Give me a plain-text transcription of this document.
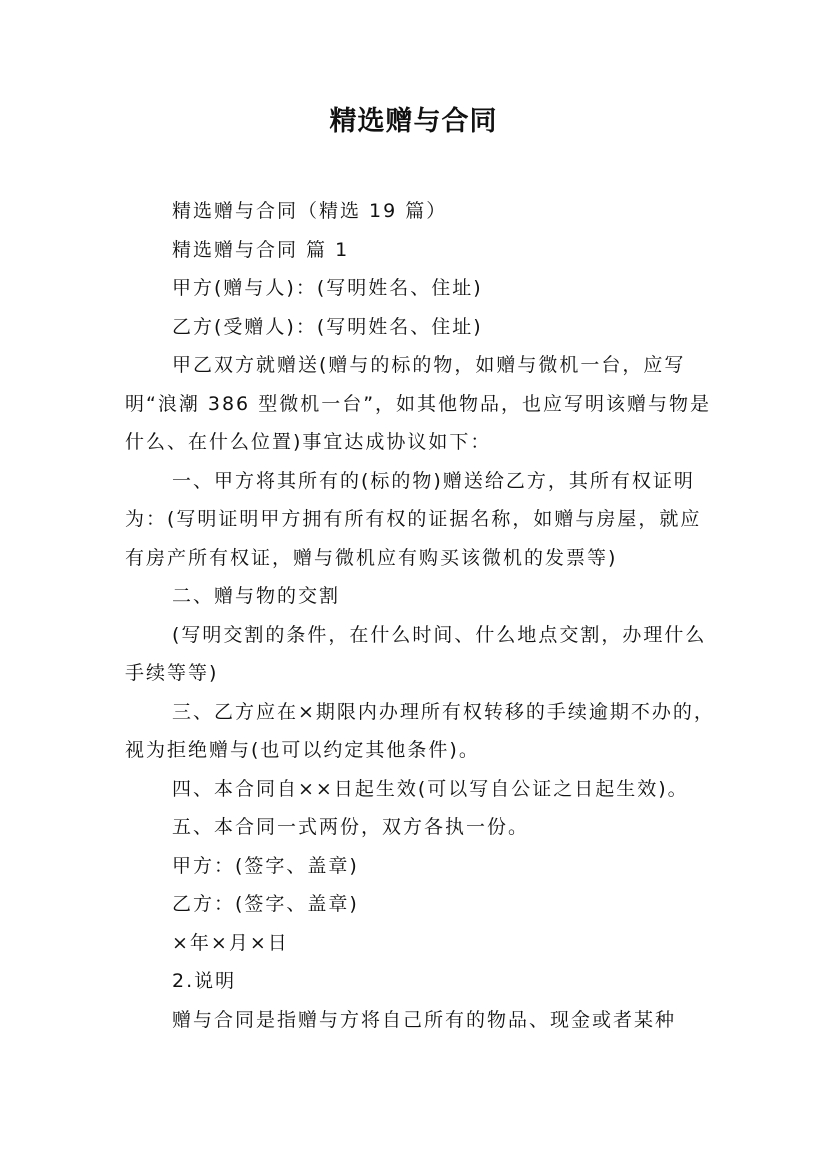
精选赠与合同

精选赠与合同（精选 19 篇）

精选赠与合同 篇 1

甲方(赠与人)：(写明姓名、住址)

乙方(受赠人)：(写明姓名、住址)

甲乙双方就赠送(赠与的标的物，如赠与微机一台，应写明“浪潮 386 型微机一台”，如其他物品，也应写明该赠与物是什么、在什么位置)事宜达成协议如下：

一、甲方将其所有的(标的物)赠送给乙方，其所有权证明为：(写明证明甲方拥有所有权的证据名称，如赠与房屋，就应有房产所有权证，赠与微机应有购买该微机的发票等)

二、赠与物的交割

(写明交割的条件，在什么时间、什么地点交割，办理什么手续等等)

三、乙方应在×期限内办理所有权转移的手续逾期不办的，视为拒绝赠与(也可以约定其他条件)。

四、本合同自××日起生效(可以写自公证之日起生效)。

五、本合同一式两份，双方各执一份。

甲方：(签字、盖章)

乙方：(签字、盖章)

×年×月×日

2.说明

赠与合同是指赠与方将自己所有的物品、现金或者某种
